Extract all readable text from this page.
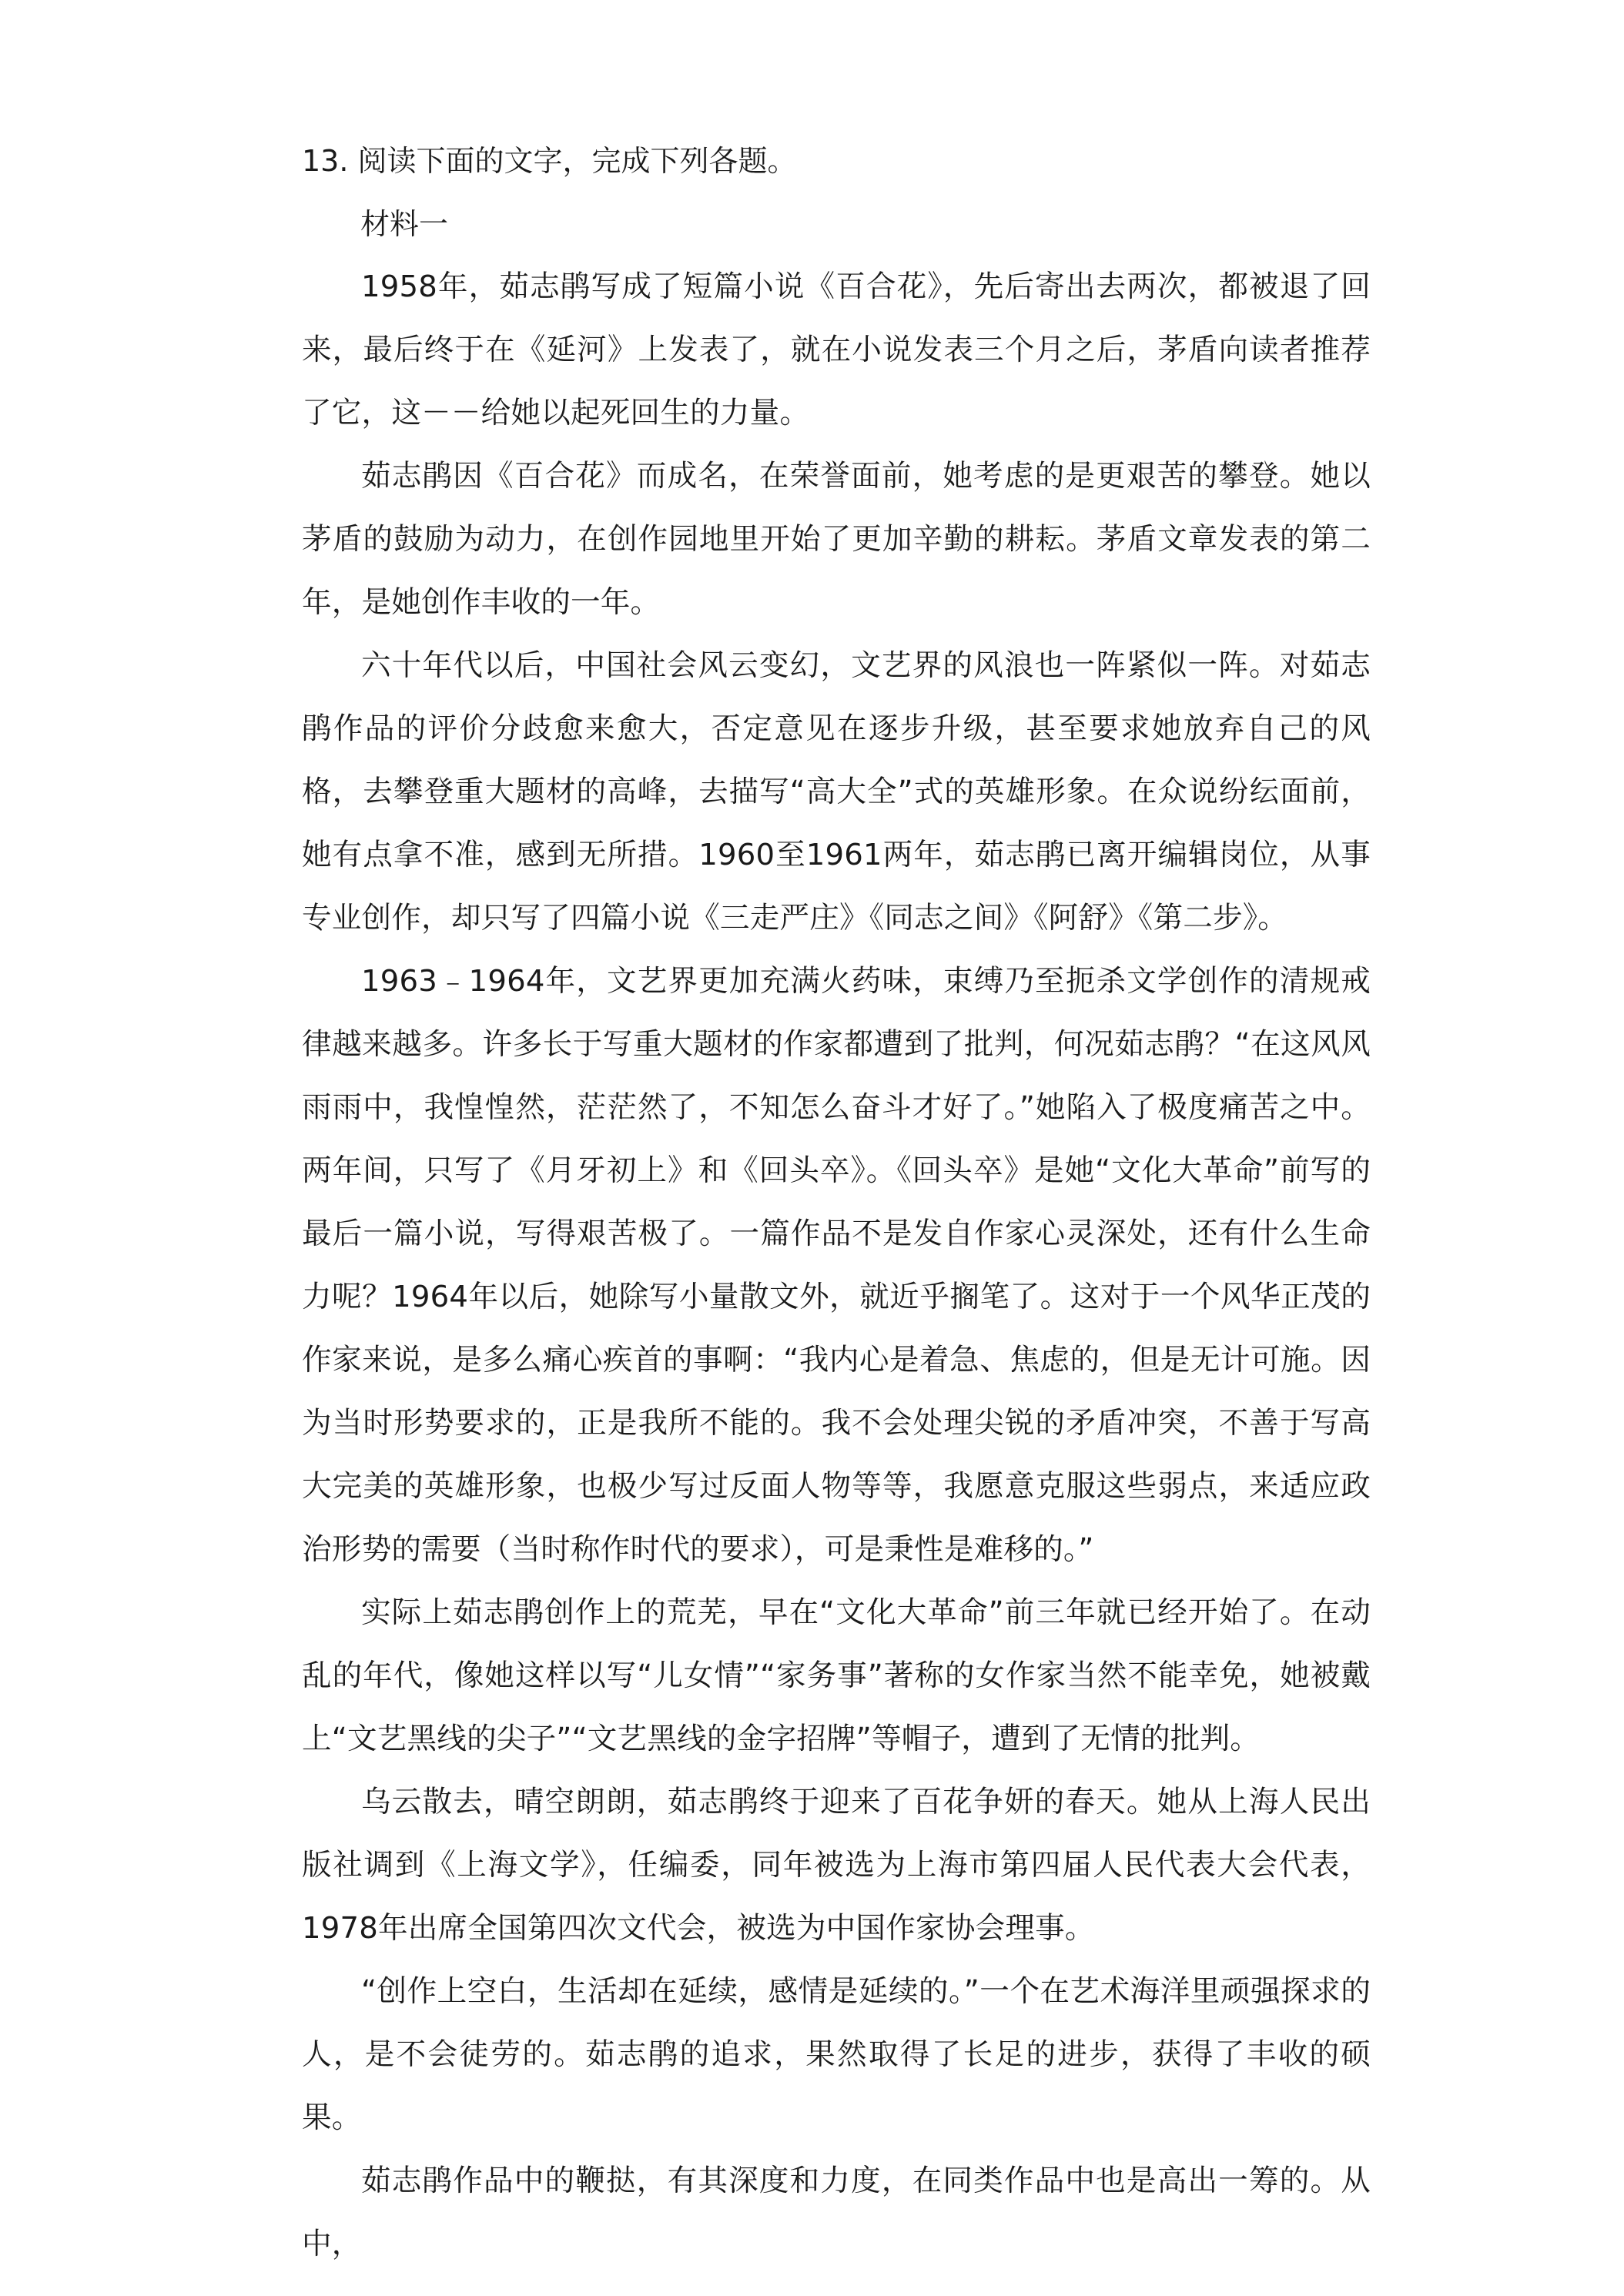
13. 阅读下面的文字，完成下列各题。

材料一

1958年，茹志鹃写成了短篇小说《百合花》，先后寄出去两次，都被退了回来，最后终于在《延河》上发表了，就在小说发表三个月之后，茅盾向读者推荐了它，这－－给她以起死回生的力量。

茹志鹃因《百合花》而成名，在荣誉面前，她考虑的是更艰苦的攀登。她以茅盾的鼓励为动力，在创作园地里开始了更加辛勤的耕耘。茅盾文章发表的第二年，是她创作丰收的一年。

六十年代以后，中国社会风云变幻，文艺界的风浪也一阵紧似一阵。对茹志鹃作品的评价分歧愈来愈大，否定意见在逐步升级，甚至要求她放弃自己的风格，去攀登重大题材的高峰，去描写“高大全”式的英雄形象。在众说纷纭面前，她有点拿不准，感到无所措。1960至1961两年，茹志鹃已离开编辑岗位，从事专业创作，却只写了四篇小说《三走严庄》《同志之间》《阿舒》《第二步》。

1963﹣1964年，文艺界更加充满火药味，束缚乃至扼杀文学创作的清规戒律越来越多。许多长于写重大题材的作家都遭到了批判，何况茹志鹃？“在这风风雨雨中，我惶惶然，茫茫然了，不知怎么奋斗才好了。”她陷入了极度痛苦之中。两年间，只写了《月牙初上》和《回头卒》。《回头卒》是她“文化大革命”前写的最后一篇小说，写得艰苦极了。一篇作品不是发自作家心灵深处，还有什么生命力呢？1964年以后，她除写小量散文外，就近乎搁笔了。这对于一个风华正茂的作家来说，是多么痛心疾首的事啊：“我内心是着急、焦虑的，但是无计可施。因为当时形势要求的，正是我所不能的。我不会处理尖锐的矛盾冲突，不善于写高大完美的英雄形象，也极少写过反面人物等等，我愿意克服这些弱点，来适应政治形势的需要（当时称作时代的要求），可是秉性是难移的。”

实际上茹志鹃创作上的荒芜，早在“文化大革命”前三年就已经开始了。在动乱的年代，像她这样以写“儿女情”“家务事”著称的女作家当然不能幸免，她被戴上“文艺黑线的尖子”“文艺黑线的金字招牌”等帽子，遭到了无情的批判。

乌云散去，晴空朗朗，茹志鹃终于迎来了百花争妍的春天。她从上海人民出版社调到《上海文学》，任编委，同年被选为上海市第四届人民代表大会代表，1978年出席全国第四次文代会，被选为中国作家协会理事。

“创作上空白，生活却在延续，感情是延续的。”一个在艺术海洋里顽强探求的人，是不会徒劳的。茹志鹃的追求，果然取得了长足的进步，获得了丰收的硕果。

茹志鹃作品中的鞭挞，有其深度和力度，在同类作品中也是高出一筹的。从中，
